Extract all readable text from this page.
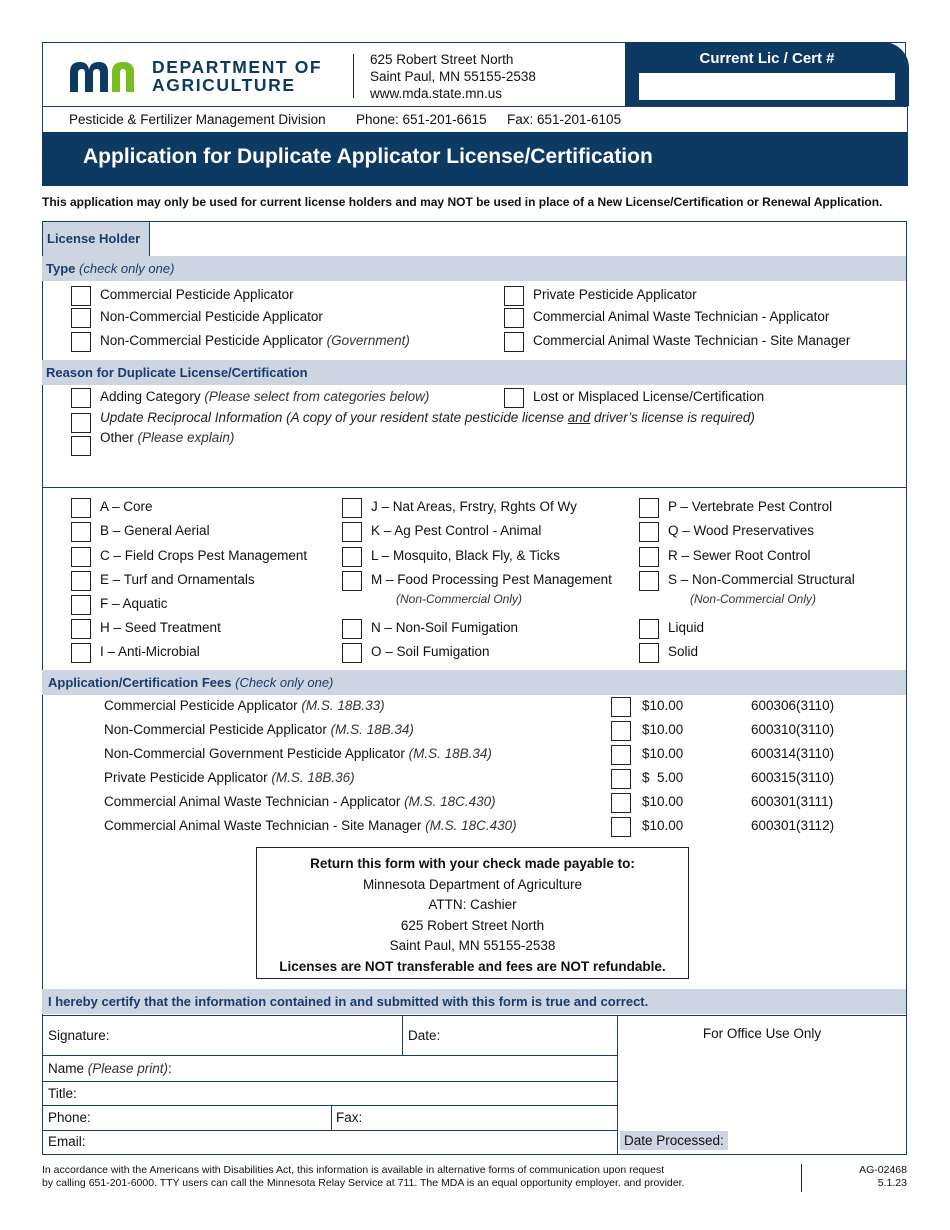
DEPARTMENT OF
AGRICULTURE
625 Robert Street North
Saint Paul, MN 55155-2538
www.mda.state.mn.us
Current Lic / Cert #
Pesticide & Fertilizer Management Division Phone: 651-201-6615 Fax: 651-201-6105
Application for Duplicate Applicator License/Certification
This application may only be used for current license holders and may NOT be used in place of a New License/Certification or Renewal Application.
License Holder
Type (check only one)
Commercial Pesticide Applicator
Non-Commercial Pesticide Applicator
Non-Commercial Pesticide Applicator (Government)
Private Pesticide Applicator
Commercial Animal Waste Technician - Applicator
Commercial Animal Waste Technician - Site Manager
Reason for Duplicate License/Certification
Adding Category (Please select from categories below)	Lost or Misplaced License/Certification
Update Reciprocal Information (A copy of your resident state pesticide license and driver’s license is required)
Other (Please explain)
A – Core
B – General Aerial
C – Field Crops Pest Management
E – Turf and Ornamentals
F – Aquatic
H – Seed Treatment
I – Anti-Microbial
J – Nat Areas, Frstry, Rghts Of Wy
K – Ag Pest Control - Animal
L – Mosquito, Black Fly, & Ticks
M – Food Processing Pest Management
N – Non-Soil Fumigation
O – Soil Fumigation
(Non-Commercial Only)
P – Vertebrate Pest Control
Q – Wood Preservatives
R – Sewer Root Control
S – Non-Commercial Structural
Liquid
Solid
(Non-Commercial Only)
Application/Certification Fees (Check only one)
Commercial Pesticide Applicator (M.S. 18B.33)	$10.00	600306(3110)
Non-Commercial Pesticide Applicator (M.S. 18B.34)	$10.00	600310(3110)
Non-Commercial Government Pesticide Applicator (M.S. 18B.34)	$10.00	600314(3110)
Private Pesticide Applicator (M.S. 18B.36)	$  5.00	600315(3110)
Commercial Animal Waste Technician - Applicator (M.S. 18C.430)	$10.00	600301(3111)
Commercial Animal Waste Technician - Site Manager (M.S. 18C.430)	$10.00	600301(3112)
Return this form with your check made payable to:
Minnesota Department of Agriculture
ATTN: Cashier
625 Robert Street North
Saint Paul, MN 55155-2538
Licenses are NOT transferable and fees are NOT refundable.
I hereby certify that the information contained in and submitted with this form is true and correct.
Signature:	Date:
Name (Please print):
Title:
Phone:	Fax:
Email:
For Office Use Only
Date Processed:
In accordance with the Americans with Disabilities Act, this information is available in alternative forms of communication upon request
by calling 651-201-6000. TTY users can call the Minnesota Relay Service at 711. The MDA is an equal opportunity employer. and provider.
AG-02468
5.1.23
